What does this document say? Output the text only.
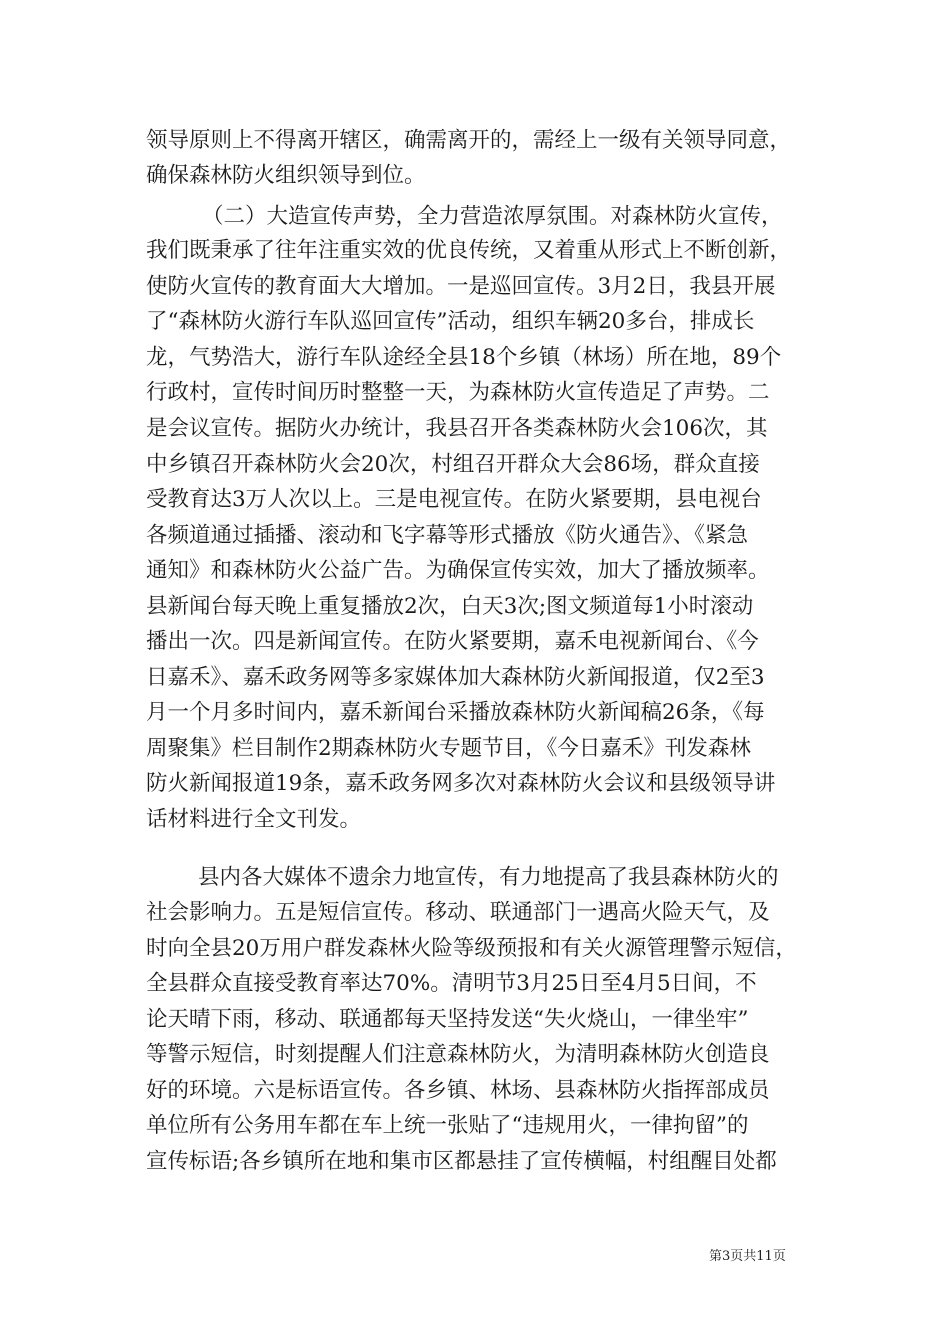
领导原则上不得离开辖区，确需离开的，需经上一级有关领导同意，
确保森林防火组织领导到位。
（二）大造宣传声势，全力营造浓厚氛围。对森林防火宣传，
我们既秉承了往年注重实效的优良传统，又着重从形式上不断创新，
使防火宣传的教育面大大增加。一是巡回宣传。3月2日，我县开展
了“森林防火游行车队巡回宣传”活动，组织车辆20多台，排成长
龙，气势浩大，游行车队途经全县18个乡镇（林场）所在地，89个
行政村，宣传时间历时整整一天，为森林防火宣传造足了声势。二
是会议宣传。据防火办统计，我县召开各类森林防火会106次，其
中乡镇召开森林防火会20次，村组召开群众大会86场，群众直接
受教育达3万人次以上。三是电视宣传。在防火紧要期，县电视台
各频道通过插播、滚动和飞字幕等形式播放《防火通告》、《紧急
通知》和森林防火公益广告。为确保宣传实效，加大了播放频率。
县新闻台每天晚上重复播放2次，白天3次;图文频道每1小时滚动
播出一次。四是新闻宣传。在防火紧要期，嘉禾电视新闻台、《今
日嘉禾》、嘉禾政务网等多家媒体加大森林防火新闻报道，仅2至3
月一个月多时间内，嘉禾新闻台采播放森林防火新闻稿26条，《每
周聚集》栏目制作2期森林防火专题节目，《今日嘉禾》刊发森林
防火新闻报道19条，嘉禾政务网多次对森林防火会议和县级领导讲
话材料进行全文刊发。
县内各大媒体不遗余力地宣传，有力地提高了我县森林防火的
社会影响力。五是短信宣传。移动、联通部门一遇高火险天气，及
时向全县20万用户群发森林火险等级预报和有关火源管理警示短信，
全县群众直接受教育率达70%。清明节3月25日至4月5日间，不
论天晴下雨，移动、联通都每天坚持发送“失火烧山，一律坐牢”
等警示短信，时刻提醒人们注意森林防火，为清明森林防火创造良
好的环境。六是标语宣传。各乡镇、林场、县森林防火指挥部成员
单位所有公务用车都在车上统一张贴了“违规用火，一律拘留”的
宣传标语;各乡镇所在地和集市区都悬挂了宣传横幅，村组醒目处都
第3页共11页
